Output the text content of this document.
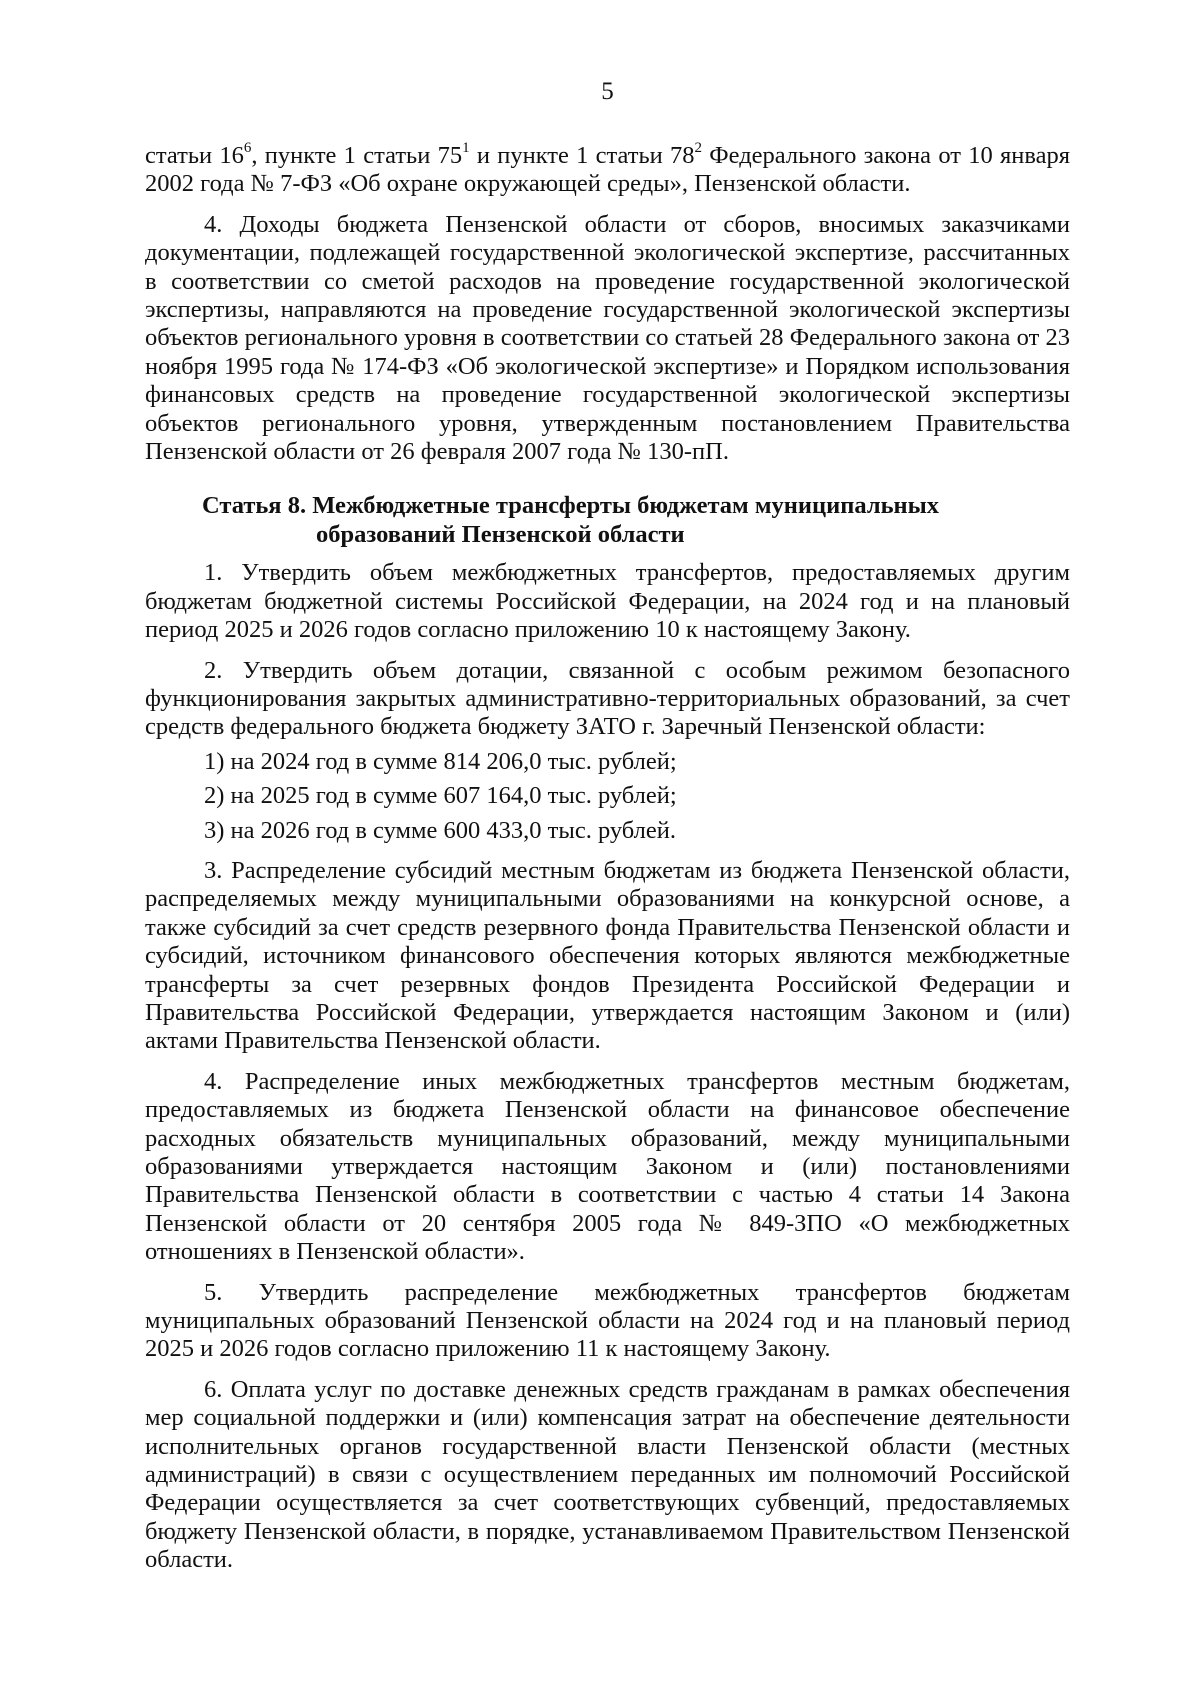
5

статьи $16^6$, пункте 1 статьи $75^1$ и пункте 1 статьи $78^2$ Федерального закона от 10 января 2002 года № 7-ФЗ «Об охране окружающей среды», Пензенской области.

4. Доходы бюджета Пензенской области от сборов, вносимых заказчиками документации, подлежащей государственной экологической экспертизе, рассчитанных в соответствии со сметой расходов на проведение государственной экологической экспертизы, направляются на проведение государственной экологической экспертизы объектов регионального уровня в соответствии со статьей 28 Федерального закона от 23 ноября 1995 года № 174-ФЗ «Об экологической экспертизе» и Порядком использования финансовых средств на проведение государственной экологической экспертизы объектов регионального уровня, утвержденным постановлением Правительства Пензенской области от 26 февраля 2007 года № 130-пП.

Статья 8. Межбюджетные трансферты бюджетам муниципальных
образований Пензенской области

1. Утвердить объем межбюджетных трансфертов, предоставляемых другим бюджетам бюджетной системы Российской Федерации, на 2024 год и на плановый период 2025 и 2026 годов согласно приложению 10 к настоящему Закону.

2. Утвердить объем дотации, связанной с особым режимом безопасного функционирования закрытых административно-территориальных образований, за счет средств федерального бюджета бюджету ЗАТО г. Заречный Пензенской области:

1) на 2024 год в сумме 814 206,0 тыс. рублей;
2) на 2025 год в сумме 607 164,0 тыс. рублей;
3) на 2026 год в сумме 600 433,0 тыс. рублей.

3. Распределение субсидий местным бюджетам из бюджета Пензенской области, распределяемых между муниципальными образованиями на конкурсной основе, а также субсидий за счет средств резервного фонда Правительства Пензенской области и субсидий, источником финансового обеспечения которых являются межбюджетные трансферты за счет резервных фондов Президента Российской Федерации и Правительства Российской Федерации, утверждается настоящим Законом и (или) актами Правительства Пензенской области.

4. Распределение иных межбюджетных трансфертов местным бюджетам, предоставляемых из бюджета Пензенской области на финансовое обеспечение расходных обязательств муниципальных образований, между муниципальными образованиями утверждается настоящим Законом и (или) постановлениями Правительства Пензенской области в соответствии с частью 4 статьи 14 Закона Пензенской области от 20 сентября 2005 года № 849-ЗПО «О межбюджетных отношениях в Пензенской области».

5. Утвердить распределение межбюджетных трансфертов бюджетам муниципальных образований Пензенской области на 2024 год и на плановый период 2025 и 2026 годов согласно приложению 11 к настоящему Закону.

6. Оплата услуг по доставке денежных средств гражданам в рамках обеспечения мер социальной поддержки и (или) компенсация затрат на обеспечение деятельности исполнительных органов государственной власти Пензенской области (местных администраций) в связи с осуществлением переданных им полномочий Российской Федерации осуществляется за счет соответствующих субвенций, предоставляемых бюджету Пензенской области, в порядке, устанавливаемом Правительством Пензенской области.
